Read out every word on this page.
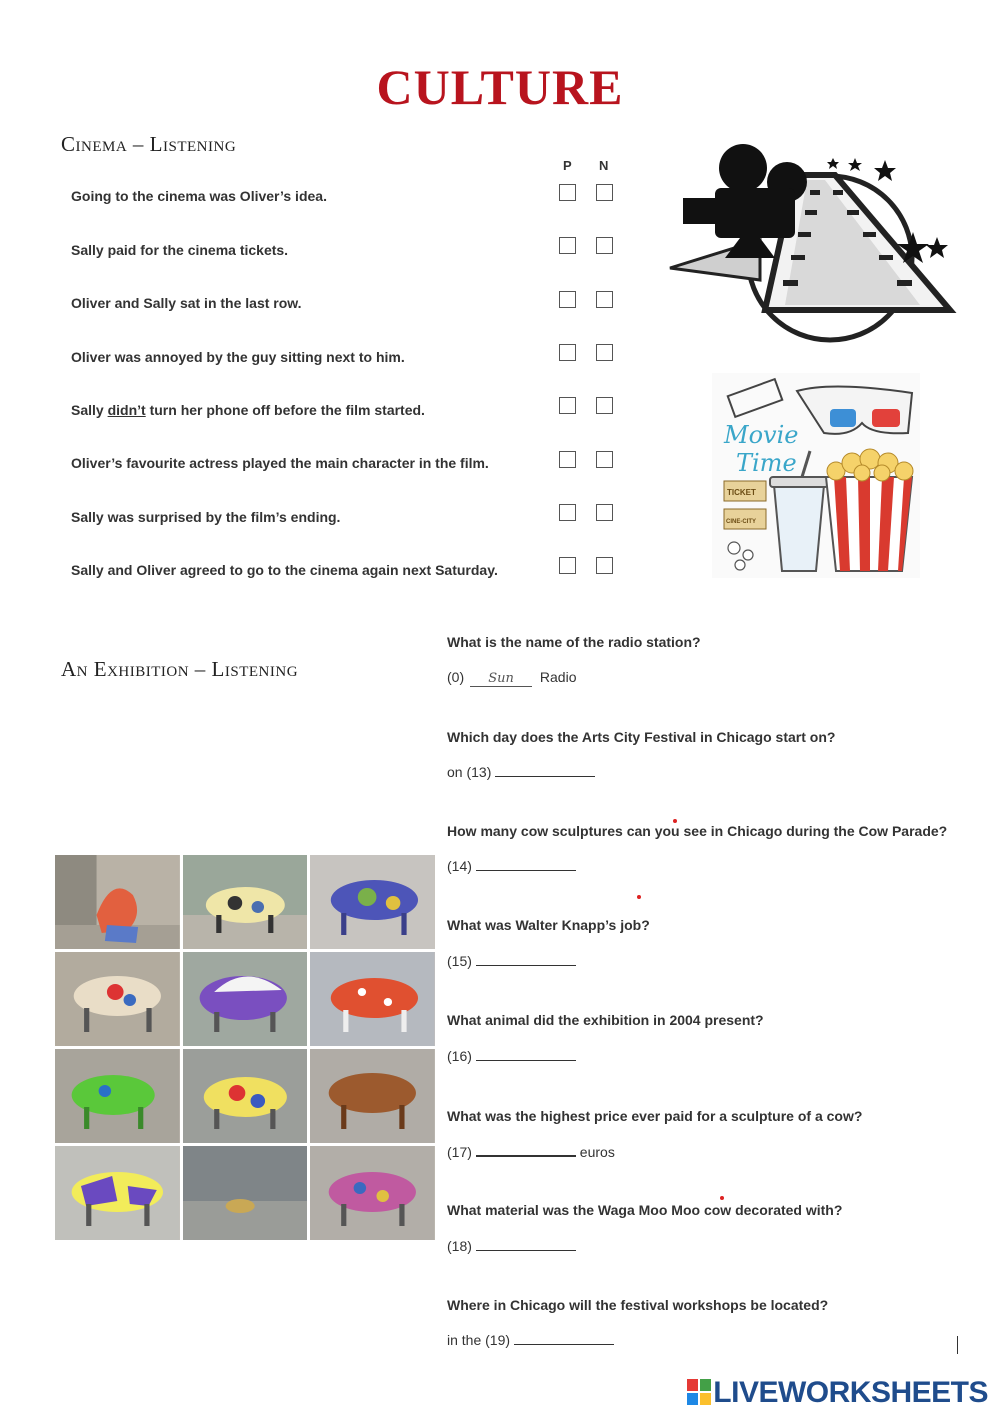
CULTURE
Cinema – Listening
P N
Going to the cinema was Oliver’s idea.
Sally paid for the cinema tickets.
Oliver and Sally sat in the last row.
Oliver was annoyed by the guy sitting next to him.
Sally didn’t turn her phone off before the film started.
Oliver’s favourite actress played the main character in the film.
Sally was surprised by the film’s ending.
Sally and Oliver agreed to go to the cinema again next Saturday.
Movie
Time
TICKET
CINE-CITY
An Exhibition – Listening
What is the name of the radio station?
(0) Sun Radio
Which day does the Arts City Festival in Chicago start on?
on (13)
How many cow sculptures can you see in Chicago during the Cow Parade?
(14)
What was Walter Knapp’s job?
(15)
What animal did the exhibition in 2004 present?
(16)
What was the highest price ever paid for a sculpture of a cow?
(17)	euros
What material was the Waga Moo Moo cow decorated with?
(18)
Where in Chicago will the festival workshops be located?
in the (19)
LIVEWORKSHEETS
